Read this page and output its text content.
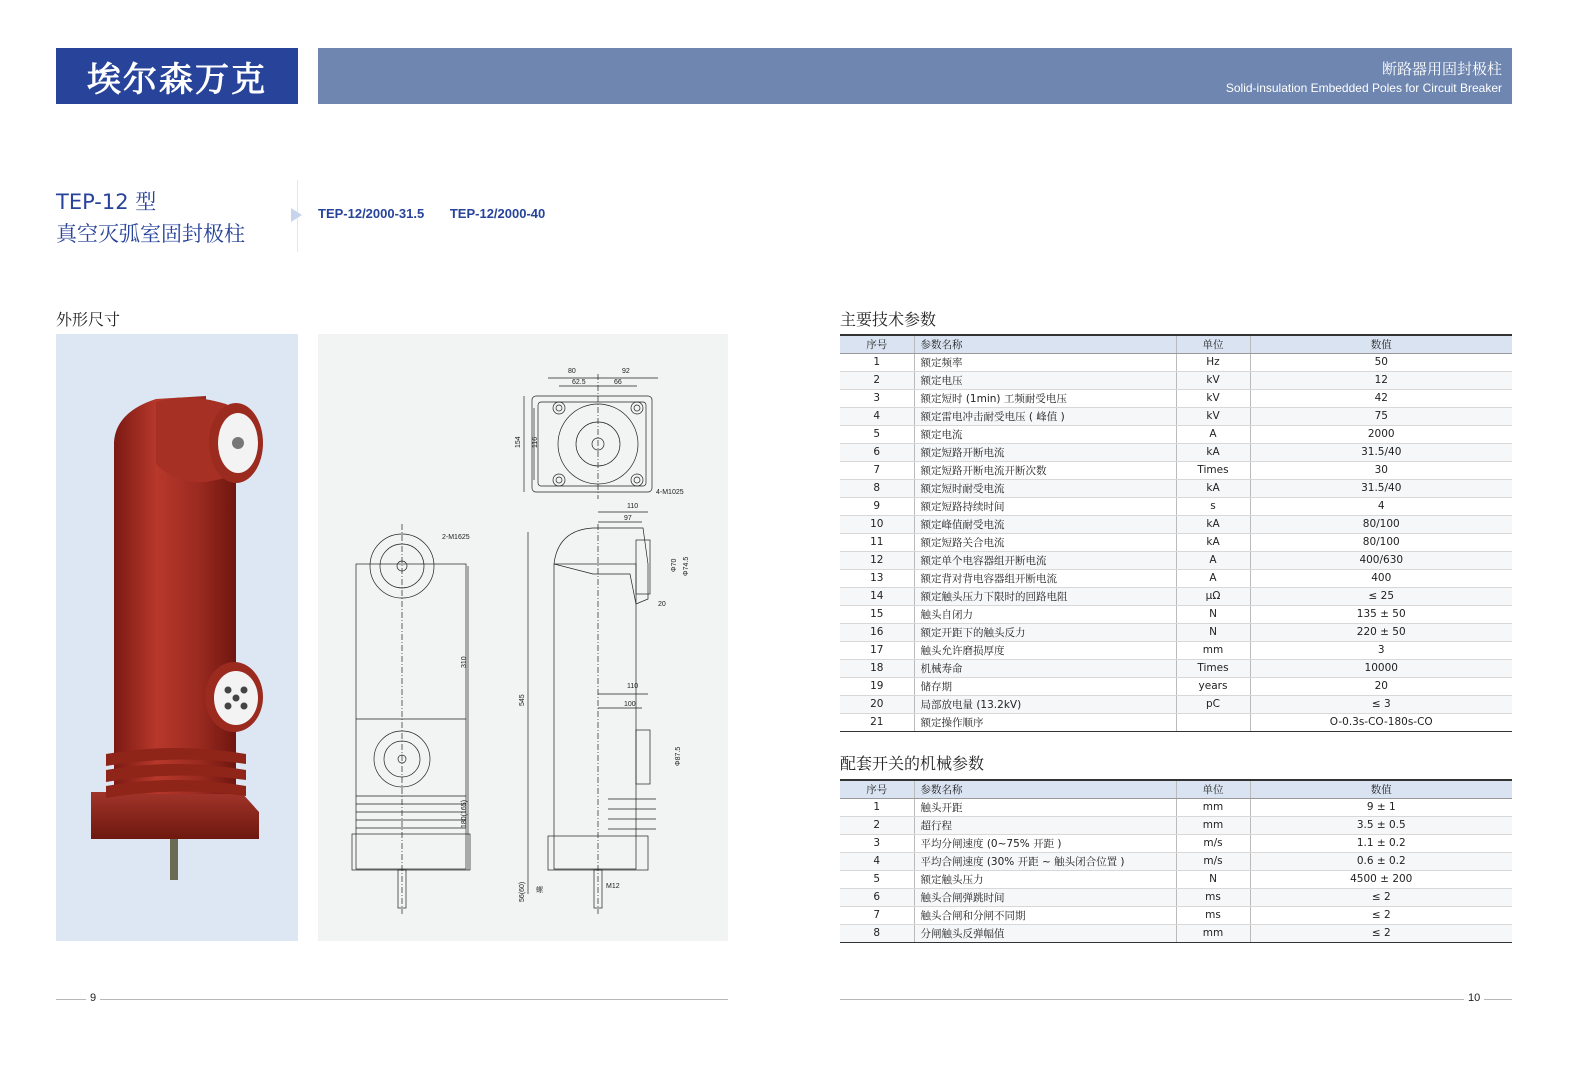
埃尔森万克	断路器用固封极柱
Solid-insulation Embedded Poles for Circuit Breaker
TEP-12 型
真空灭弧室固封极柱
TEP-12/2000-31.5 TEP-12/2000-40
外形尺寸	主要技术参数
配套开关的机械参数
80	92
62.5	66
154 116
4-M1025
2-M1625
310
180(165)
110
97
Φ70 Φ74.5
20
545
110
100
Φ87.5
56(60)	M12
螺
序号	参数名称	单位	数值
1	额定频率	Hz	50
2	额定电压	kV	12
3	额定短时 (1min) 工频耐受电压	kV	42
4	额定雷电冲击耐受电压 ( 峰值 )	kV	75
5	额定电流	A	2000
6	额定短路开断电流	kA	31.5/40
7	额定短路开断电流开断次数	Times	30
8	额定短时耐受电流	kA	31.5/40
9	额定短路持续时间	s	4
10	额定峰值耐受电流	kA	80/100
11	额定短路关合电流	kA	80/100
12	额定单个电容器组开断电流	A	400/630
13	额定背对背电容器组开断电流	A	400
14	额定触头压力下限时的回路电阻	μΩ	≤ 25
15	触头自闭力	N	135 ± 50
16	额定开距下的触头反力	N	220 ± 50
17	触头允许磨损厚度	mm	3
18	机械寿命	Times	10000
19	储存期	years	20
20	局部放电量 (13.2kV)	pC	≤ 3
21	额定操作顺序		O-0.3s-CO-180s-CO
序号	参数名称	单位	数值
1	触头开距	mm	9 ± 1
2	超行程	mm	3.5 ± 0.5
3	平均分闸速度 (0~75% 开距 )	m/s	1.1 ± 0.2
4	平均合闸速度 (30% 开距 ~ 触头闭合位置 )	m/s	0.6 ± 0.2
5	额定触头压力	N	4500 ± 200
6	触头合闸弹跳时间	ms	≤ 2
7	触头合闸和分闸不同期	ms	≤ 2
8	分闸触头反弹幅值	mm	≤ 2
9	10
